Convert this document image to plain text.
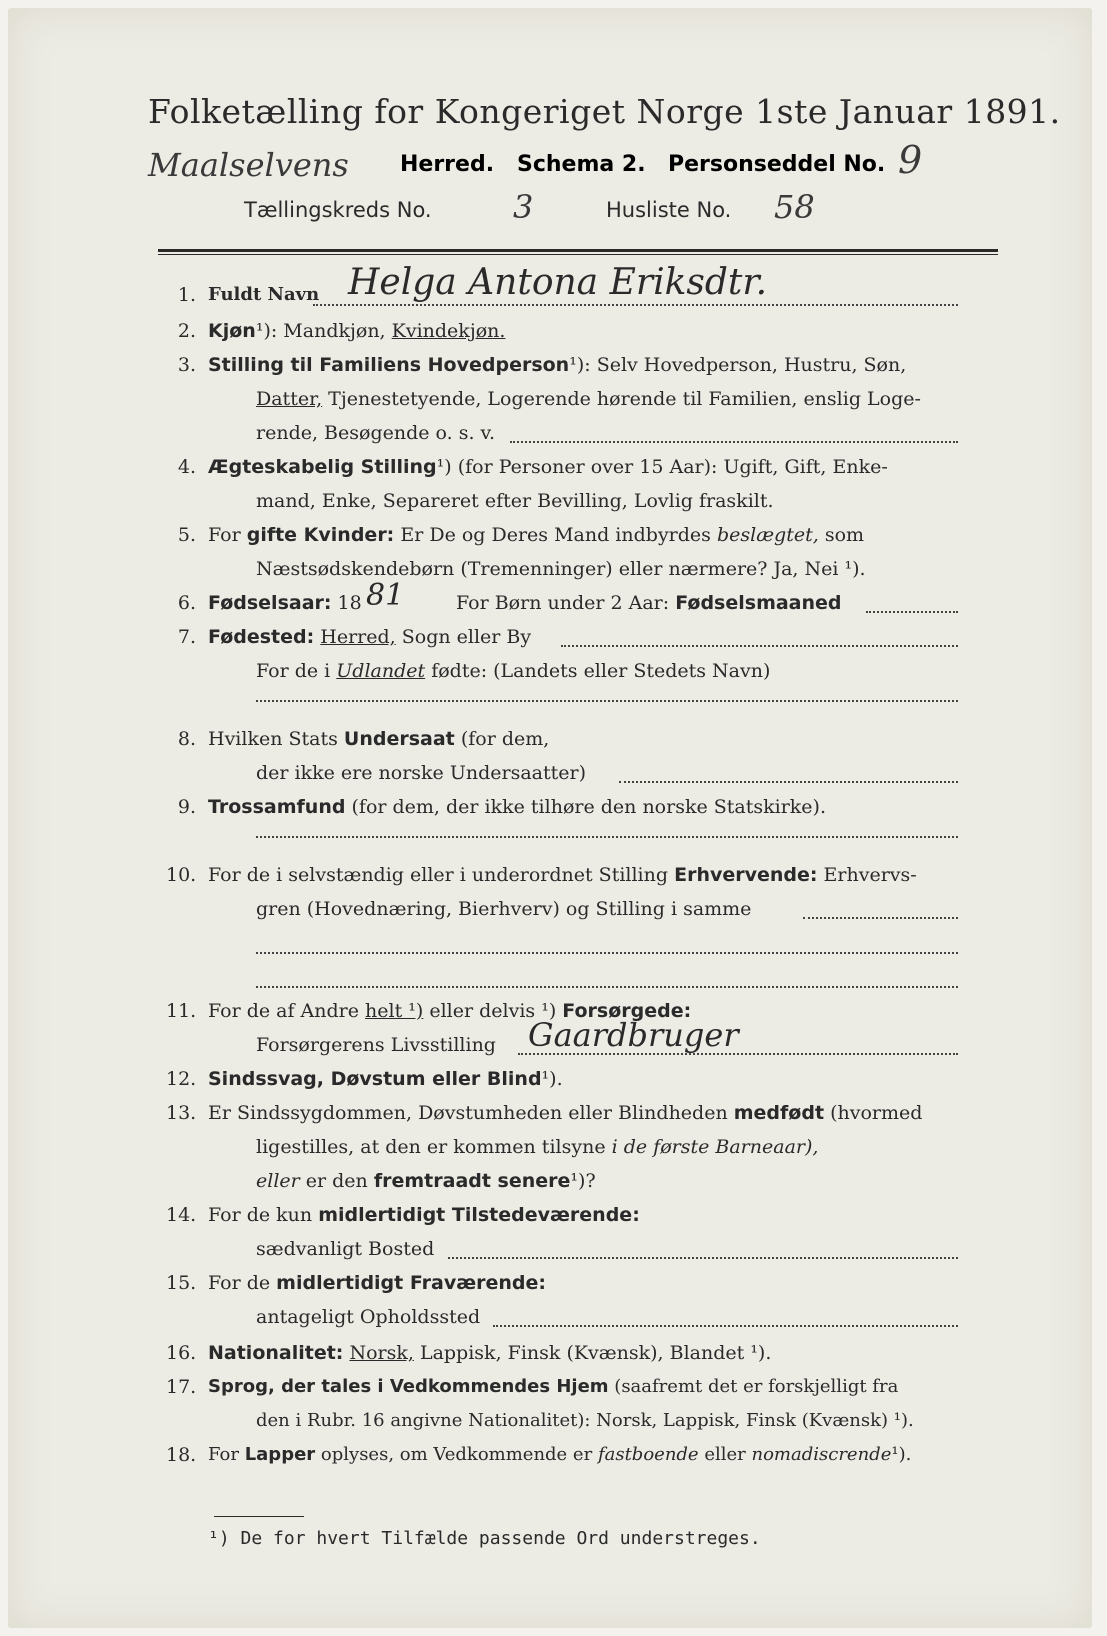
Folketælling for Kongeriget Norge 1ste Januar 1891.
Maalselvens Herred. Schema 2. Personseddel No. 9
Tællingskreds No.	3	Husliste No. 58
1. Fuldt Navn Helga Antona Eriksdtr.
2. Kjøn¹): Mandkjøn, Kvindekjøn.
3. Stilling til Familiens Hovedperson¹): Selv Hovedperson, Hustru, Søn,
Datter, Tjenestetyende, Logerende hørende til Familien, enslig Loge-
rende, Besøgende o. s. v.
4. Ægteskabelig Stilling¹) (for Personer over 15 Aar): Ugift, Gift, Enke-
mand, Enke, Separeret efter Bevilling, Lovlig fraskilt.
5. For gifte Kvinder: Er De og Deres Mand indbyrdes beslægtet, som
Næstsødskendebørn (Tremenninger) eller nærmere? Ja, Nei ¹).
6. Fødselsaar: 18 81	For Børn under 2 Aar: Fødselsmaaned
7. Fødested: Herred, Sogn eller By
For de i Udlandet fødte: (Landets eller Stedets Navn)
8. Hvilken Stats Undersaat (for dem,
der ikke ere norske Undersaatter)
9. Trossamfund (for dem, der ikke tilhøre den norske Statskirke).
10. For de i selvstændig eller i underordnet Stilling Erhvervende: Erhvervs-
gren (Hovednæring, Bierhverv) og Stilling i samme
11. For de af Andre helt ¹) eller delvis ¹) Forsørgede:
Forsørgerens Livsstilling Gaardbruger
12. Sindssvag, Døvstum eller Blind¹).
13. Er Sindssygdommen, Døvstumheden eller Blindheden medfødt (hvormed
ligestilles, at den er kommen tilsyne i de første Barneaar),
eller er den fremtraadt senere¹)?
14. For de kun midlertidigt Tilstedeværende:
sædvanligt Bosted
15. For de midlertidigt Fraværende:
antageligt Opholdssted
16. Nationalitet: Norsk, Lappisk, Finsk (Kvænsk), Blandet ¹).
17. Sprog, der tales i Vedkommendes Hjem (saafremt det er forskjelligt fra
den i Rubr. 16 angivne Nationalitet): Norsk, Lappisk, Finsk (Kvænsk) ¹).
18. For Lapper oplyses, om Vedkommende er fastboende eller nomadiscrende¹).
¹) De for hvert Tilfælde passende Ord understreges.
